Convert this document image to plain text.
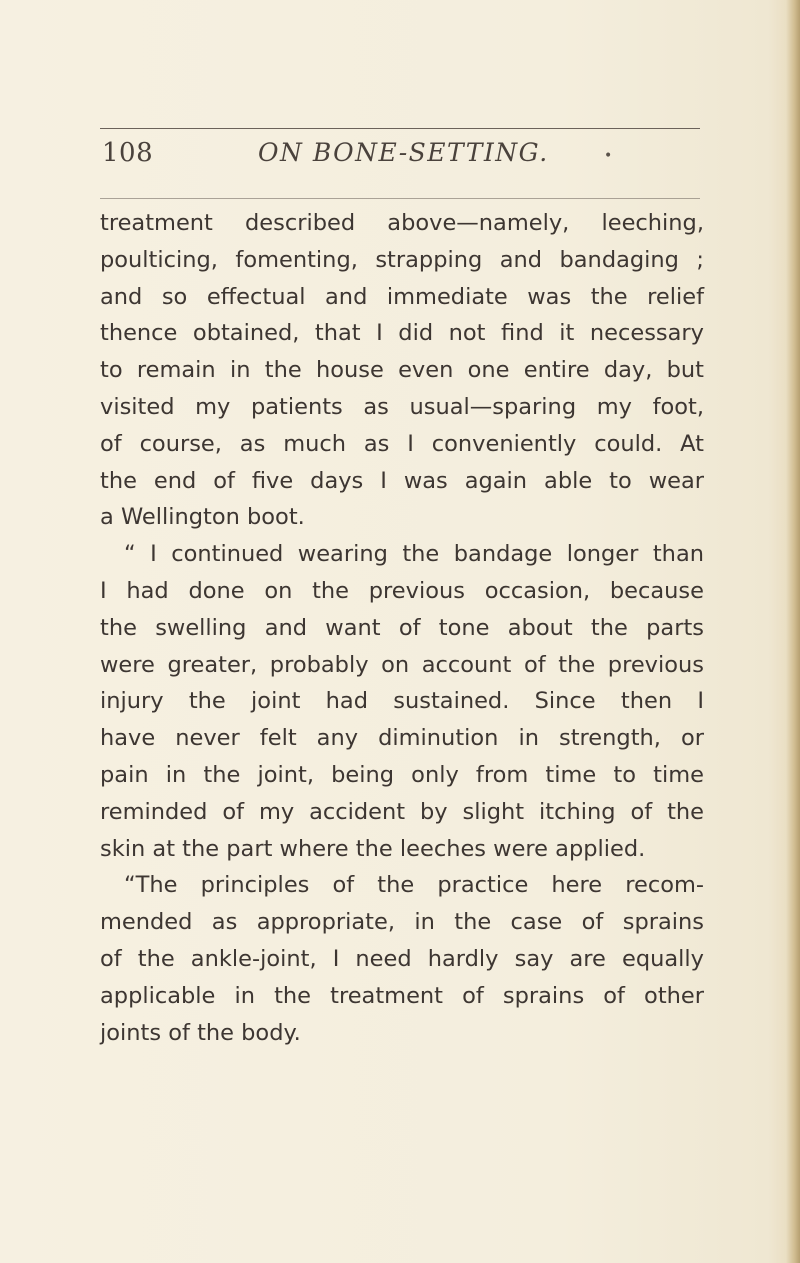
108	ON BONE-SETTING.	•
treatment described above—namely, leeching,
poulticing, fomenting, strapping and bandaging ;
and so effectual and immediate was the relief
thence obtained, that I did not find it necessary
to remain in the house even one entire day, but
visited my patients as usual—sparing my foot,
of course, as much as I conveniently could. At
the end of five days I was again able to wear
a Wellington boot.
“ I continued wearing the bandage longer than
I had done on the previous occasion, because
the swelling and want of tone about the parts
were greater, probably on account of the previous
injury the joint had sustained. Since then I
have never felt any diminution in strength, or
pain in the joint, being only from time to time
reminded of my accident by slight itching of the
skin at the part where the leeches were applied.
“The principles of the practice here recom-
mended as appropriate, in the case of sprains
of the ankle-joint, I need hardly say are equally
applicable in the treatment of sprains of other
joints of the body.
